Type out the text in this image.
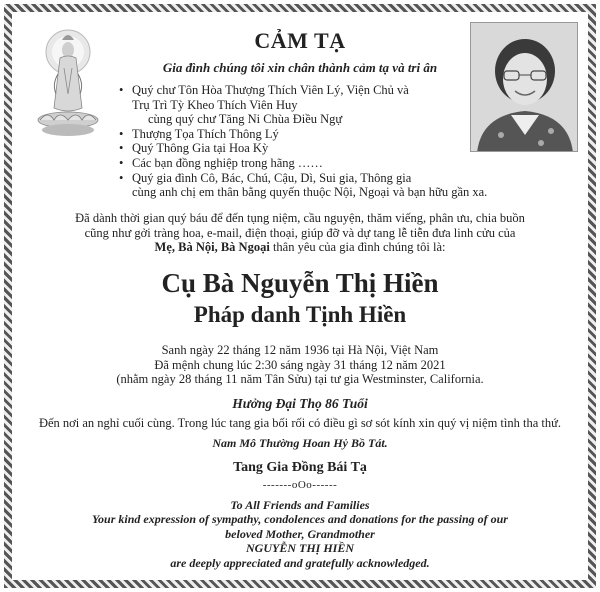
CẢM TẠ
Gia đình chúng tôi xin chân thành cảm tạ và tri ân
• Quý chư Tôn Hòa Thượng Thích Viên Lý, Viện Chủ và
Trụ Trì Tỳ Kheo Thích Viên Huy
cùng quý chư Tăng Ni Chùa Điều Ngự
• Thượng Tọa Thích Thông Lý
• Quý Thông Gia tại Hoa Kỳ
• Các bạn đồng nghiệp trong hãng ……
• Quý gia đình Cô, Bác, Chú, Cậu, Dì, Sui gia, Thông gia
cùng anh chị em thân bằng quyến thuộc Nội, Ngoại và bạn hữu gần xa.
Đã dành thời gian quý báu để đến tụng niệm, cầu nguyện, thăm viếng, phân ưu, chia buồn
cũng như gởi tràng hoa, e-mail, điện thoại, giúp đỡ và dự tang lễ tiễn đưa linh cửu của
Mẹ, Bà Nội, Bà Ngoại thân yêu của gia đình chúng tôi là:
Cụ Bà Nguyễn Thị Hiền
Pháp danh Tịnh Hiền
Sanh ngày 22 tháng 12 năm 1936 tại Hà Nội, Việt Nam
Đã mệnh chung lúc 2:30 sáng ngày 31 tháng 12 năm 2021
(nhằm ngày 28 tháng 11 năm Tân Sửu) tại tư gia Westminster, California.
Hưởng Đại Thọ 86 Tuổi
Đến nơi an nghỉ cuối cùng. Trong lúc tang gia bối rối có điều gì sơ sót kính xin quý vị niệm tình tha thứ.
Nam Mô Thường Hoan Hỷ Bồ Tát.
Tang Gia Đồng Bái Tạ
-------oOo------
To All Friends and Families
Your kind expression of sympathy, condolences and donations for the passing of our
beloved Mother, Grandmother
NGUYỄN THỊ HIỀN
are deeply appreciated and gratefully acknowledged.
